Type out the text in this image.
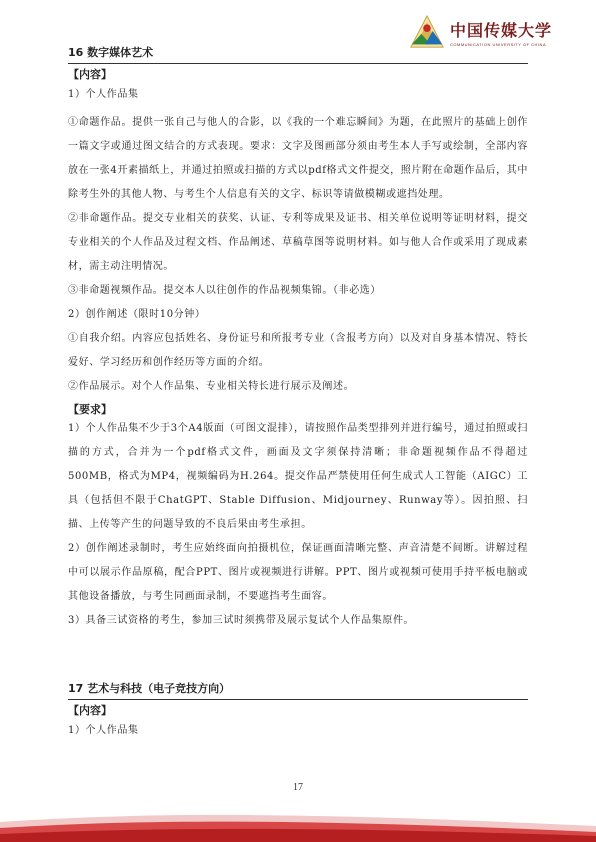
中国传媒大学
COMMUNICATION UNIVERSITY OF CHINA
16 数字媒体艺术
【内容】
1）个人作品集

①命题作品。提供一张自己与他人的合影，以《我的一个难忘瞬间》为题，在此照片的基础上创作一篇文字或通过图文结合的方式表现。要求：文字及图画部分须由考生本人手写或绘制，全部内容放在一张4开素描纸上，并通过拍照或扫描的方式以pdf格式文件提交，照片附在命题作品后，其中除考生外的其他人物、与考生个人信息有关的文字、标识等请做模糊或遮挡处理。

②非命题作品。提交专业相关的获奖、认证、专利等成果及证书、相关单位说明等证明材料，提交专业相关的个人作品及过程文档、作品阐述、草稿草图等说明材料。如与他人合作或采用了现成素材，需主动注明情况。

③非命题视频作品。提交本人以往创作的作品视频集锦。（非必选）

2）创作阐述（限时10分钟）

①自我介绍。内容应包括姓名、身份证号和所报考专业（含报考方向）以及对自身基本情况、特长爱好、学习经历和创作经历等方面的介绍。

②作品展示。对个人作品集、专业相关特长进行展示及阐述。

【要求】

1）个人作品集不少于3个A4版面（可图文混排），请按照作品类型排列并进行编号，通过拍照或扫描的方式，合并为一个pdf格式文件，画面及文字须保持清晰；非命题视频作品不得超过500MB，格式为MP4，视频编码为H.264。提交作品严禁使用任何生成式人工智能（AIGC）工具（包括但不限于ChatGPT、Stable Diffusion、Midjourney、Runway等）。因拍照、扫描、上传等产生的问题导致的不良后果由考生承担。

2）创作阐述录制时，考生应始终面向拍摄机位，保证画面清晰完整、声音清楚不间断。讲解过程中可以展示作品原稿，配合PPT、图片或视频进行讲解。PPT、图片或视频可使用手持平板电脑或其他设备播放，与考生同画面录制，不要遮挡考生面容。

3）具备三试资格的考生，参加三试时须携带及展示复试个人作品集原件。

17 艺术与科技（电子竞技方向）
【内容】
1）个人作品集
17
